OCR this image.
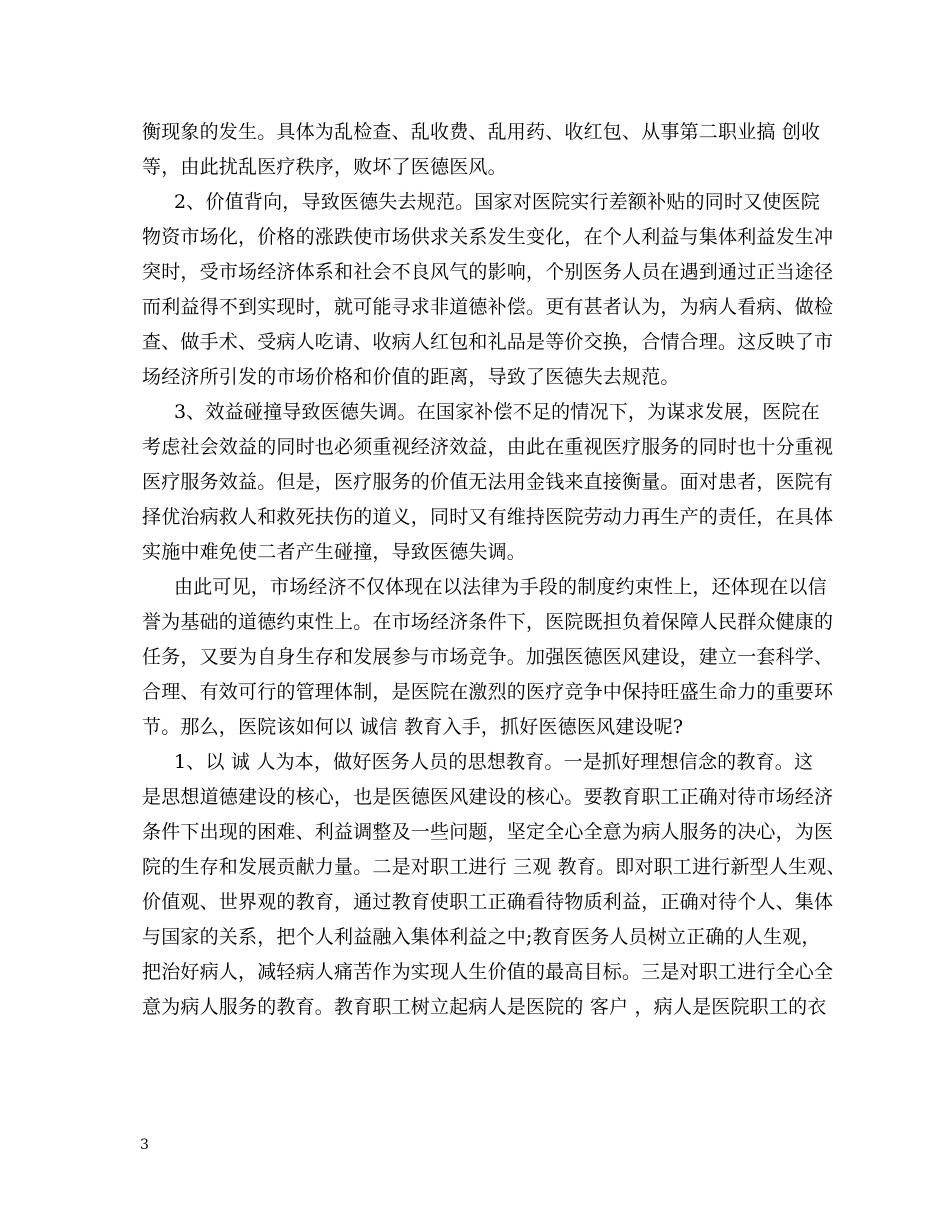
衡现象的发生。具体为乱检查、乱收费、乱用药、收红包、从事第二职业搞 创收
等，由此扰乱医疗秩序，败坏了医德医风。
2、价值背向，导致医德失去规范。国家对医院实行差额补贴的同时又使医院
物资市场化，价格的涨跌使市场供求关系发生变化，在个人利益与集体利益发生冲
突时，受市场经济体系和社会不良风气的影响，个别医务人员在遇到通过正当途径
而利益得不到实现时，就可能寻求非道德补偿。更有甚者认为，为病人看病、做检
查、做手术、受病人吃请、收病人红包和礼品是等价交换，合情合理。这反映了市
场经济所引发的市场价格和价值的距离，导致了医德失去规范。
3、效益碰撞导致医德失调。在国家补偿不足的情况下，为谋求发展，医院在
考虑社会效益的同时也必须重视经济效益，由此在重视医疗服务的同时也十分重视
医疗服务效益。但是，医疗服务的价值无法用金钱来直接衡量。面对患者，医院有
择优治病救人和救死扶伤的道义，同时又有维持医院劳动力再生产的责任，在具体
实施中难免使二者产生碰撞，导致医德失调。
由此可见，市场经济不仅体现在以法律为手段的制度约束性上，还体现在以信
誉为基础的道德约束性上。在市场经济条件下，医院既担负着保障人民群众健康的
任务，又要为自身生存和发展参与市场竞争。加强医德医风建设，建立一套科学、
合理、有效可行的管理体制，是医院在激烈的医疗竞争中保持旺盛生命力的重要环
节。那么，医院该如何以 诚信 教育入手，抓好医德医风建设呢?
1、以 诚 人为本，做好医务人员的思想教育。一是抓好理想信念的教育。这
是思想道德建设的核心，也是医德医风建设的核心。要教育职工正确对待市场经济
条件下出现的困难、利益调整及一些问题，坚定全心全意为病人服务的决心，为医
院的生存和发展贡献力量。二是对职工进行 三观 教育。即对职工进行新型人生观、
价值观、世界观的教育，通过教育使职工正确看待物质利益，正确对待个人、集体
与国家的关系，把个人利益融入集体利益之中;教育医务人员树立正确的人生观，
把治好病人，减轻病人痛苦作为实现人生价值的最高目标。三是对职工进行全心全
意为病人服务的教育。教育职工树立起病人是医院的 客户 ，病人是医院职工的衣
3
